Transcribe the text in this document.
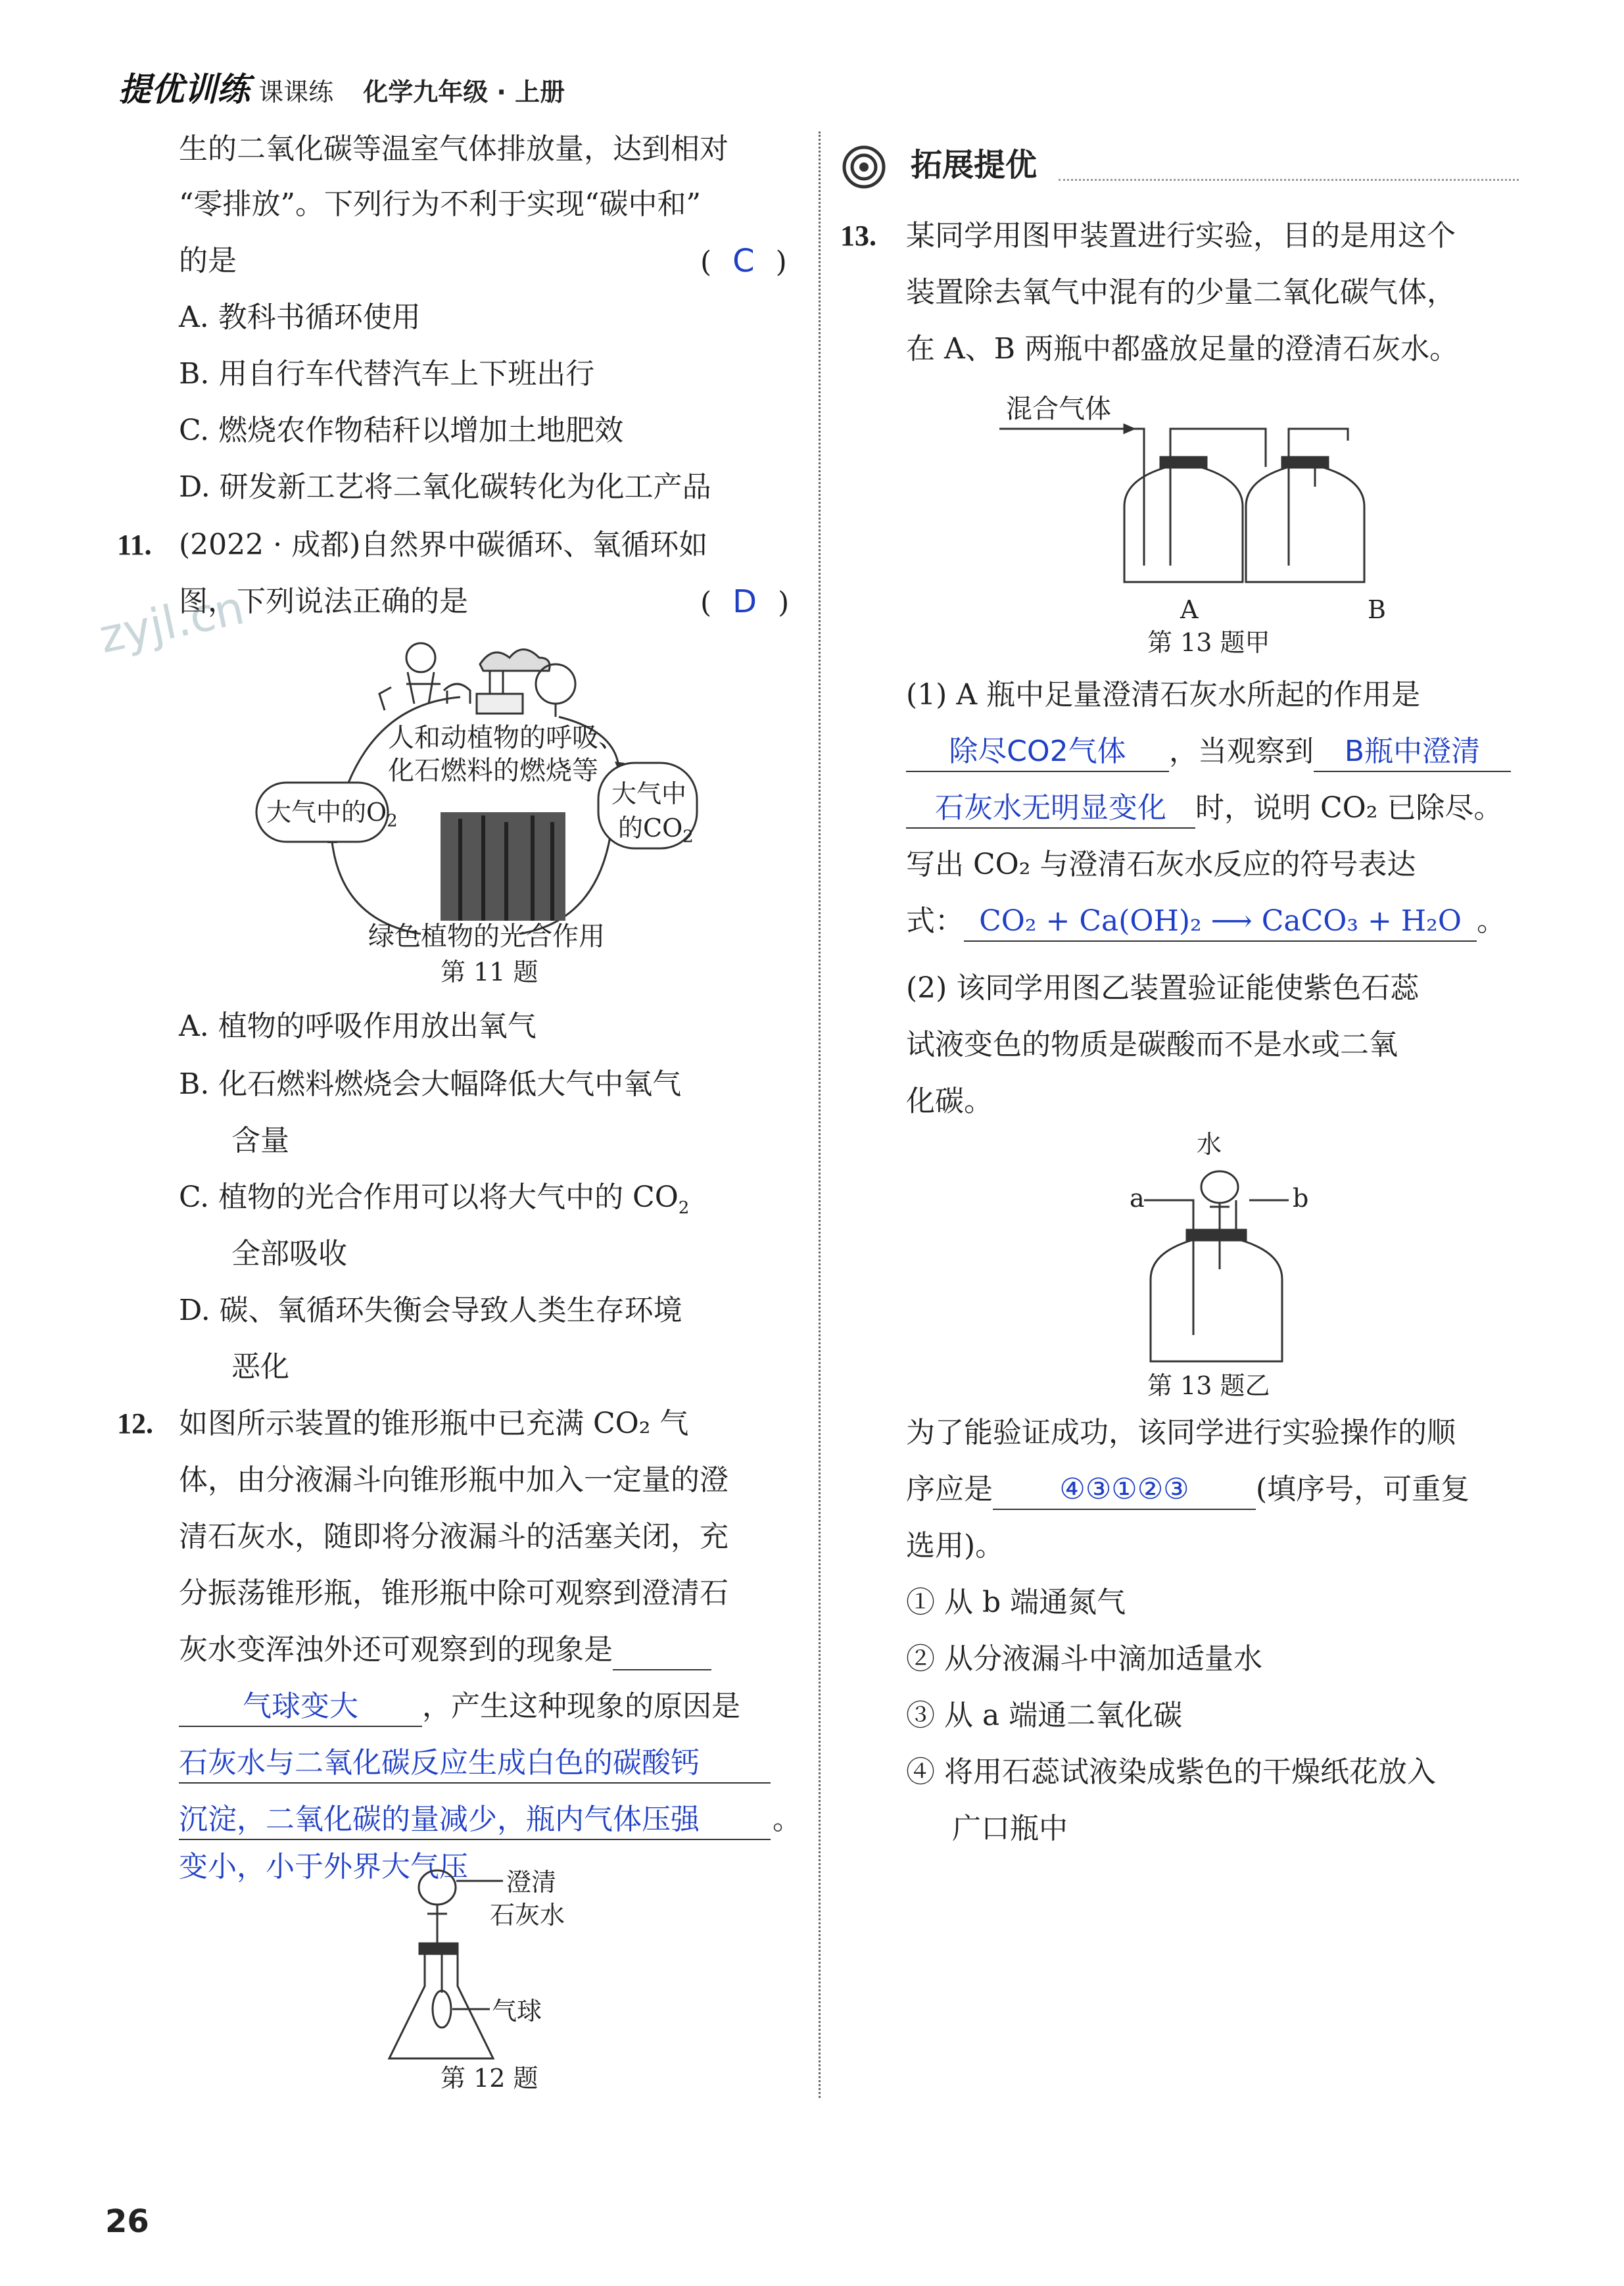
提优训练 课课练 化学九年级 · 上册
zyjl.cn
生的二氧化碳等温室气体排放量，达到相对
“零排放”。下列行为不利于实现“碳中和”
的是	( C )
A. 教科书循环使用
B. 用自行车代替汽车上下班出行
C. 燃烧农作物秸秆以增加土地肥效
D. 研发新工艺将二氧化碳转化为化工产品
11. (2022 · 成都)自然界中碳循环、氧循环如
图，下列说法正确的是	( D )
人和动植物的呼吸、
化石燃料的燃烧等
大气中的$O_2$
大气中
的$CO_2$
绿色植物的光合作用
第 11 题
A. 植物的呼吸作用放出氧气
B. 化石燃料燃烧会大幅降低大气中氧气
含量
C. 植物的光合作用可以将大气中的 $CO_2$
全部吸收
D. 碳、氧循环失衡会导致人类生存环境
恶化
12. 如图所示装置的锥形瓶中已充满 CO₂ 气
体，由分液漏斗向锥形瓶中加入一定量的澄
清石灰水，随即将分液漏斗的活塞关闭，充
分振荡锥形瓶，锥形瓶中除可观察到澄清石
灰水变浑浊外还可观察到的现象是
气球变大 ，产生这种现象的原因是
石灰水与二氧化碳反应生成白色的碳酸钙
沉淀，二氧化碳的量减少，瓶内气体压强	。
变小，小于外界大气压 澄清
石灰水
气球
第 12 题
拓展提优
13. 某同学用图甲装置进行实验，目的是用这个
装置除去氧气中混有的少量二氧化碳气体，
在 A、B 两瓶中都盛放足量的澄清石灰水。
混合气体
A	B
第 13 题甲
(1) A 瓶中足量澄清石灰水所起的作用是
除尽CO2气体 ，当观察到 B瓶中澄清
石灰水无明显变化 时，说明 CO₂ 已除尽。
写出 CO₂ 与澄清石灰水反应的符号表达
式： CO₂ + Ca(OH)₂ ⟶ CaCO₃ + H₂O 。
(2) 该同学用图乙装置验证能使紫色石蕊
试液变色的物质是碳酸而不是水或二氧
化碳。
水
a	b
第 13 题乙
为了能验证成功，该同学进行实验操作的顺
序应是 ④③①②③ (填序号，可重复
选用)。
① 从 b 端通氮气
② 从分液漏斗中滴加适量水
③ 从 a 端通二氧化碳
④ 将用石蕊试液染成紫色的干燥纸花放入
广口瓶中
26
